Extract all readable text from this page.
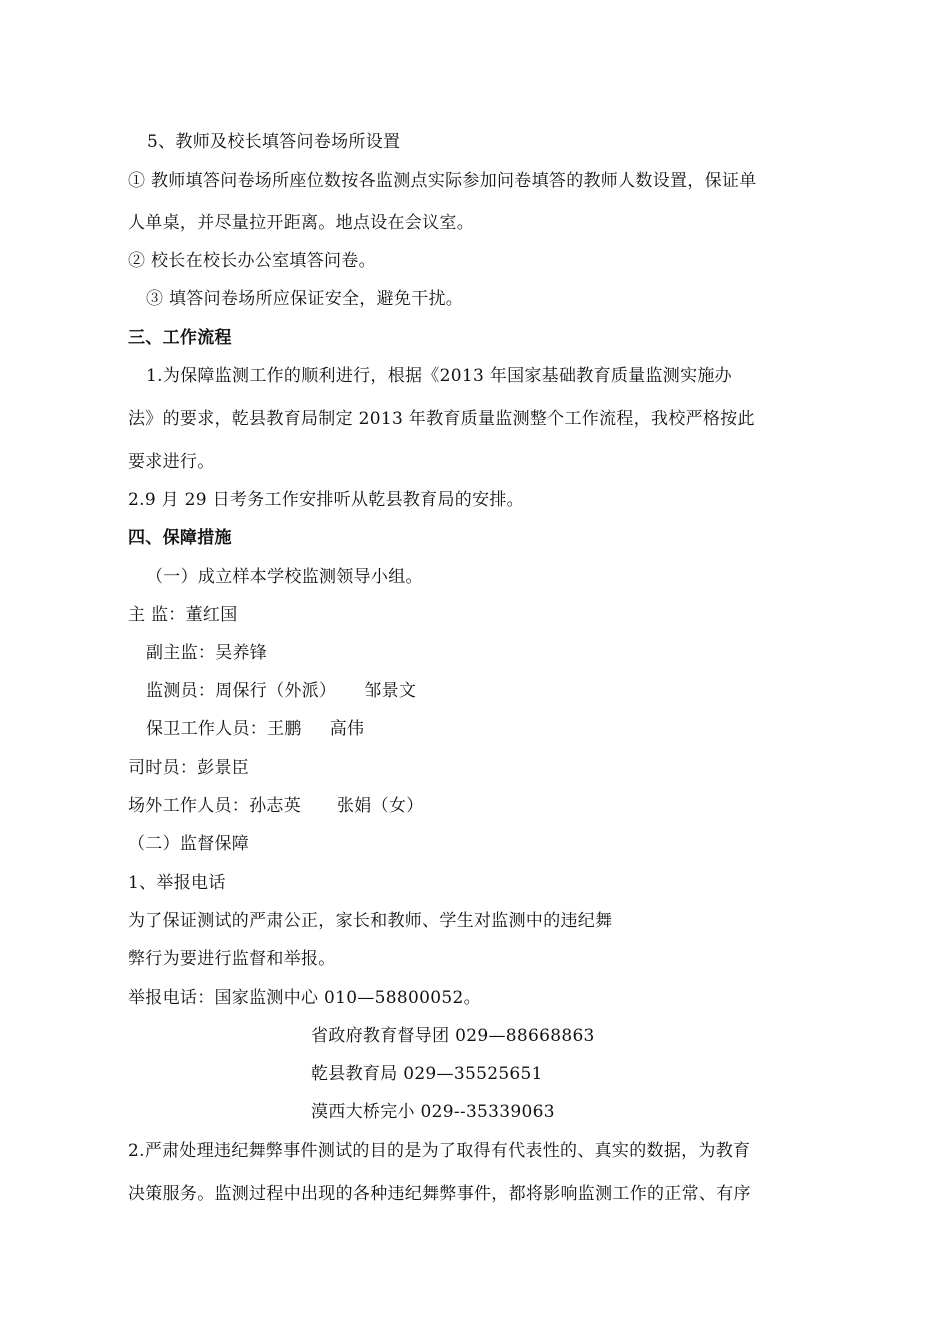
5、教师及校长填答问卷场所设置
① 教师填答问卷场所座位数按各监测点实际参加问卷填答的教师人数设置，保证单
人单桌，并尽量拉开距离。地点设在会议室。
② 校长在校长办公室填答问卷。
③ 填答问卷场所应保证安全，避免干扰。
三、工作流程
1.为保障监测工作的顺利进行，根据《2013 年国家基础教育质量监测实施办
法》的要求，乾县教育局制定 2013 年教育质量监测整个工作流程，我校严格按此
要求进行。
2.9 月 29 日考务工作安排听从乾县教育局的安排。
四、保障措施
（一）成立样本学校监测领导小组。
主 监：董红国
副主监：吴养锋
监测员：周保行（外派） 邹景文
保卫工作人员：王鹏 高伟
司时员：彭景臣
场外工作人员：孙志英 张娟（女）
（二）监督保障
1、举报电话
为了保证测试的严肃公正，家长和教师、学生对监测中的违纪舞
弊行为要进行监督和举报。
举报电话：国家监测中心 010—58800052。
省政府教育督导团 029—88668863
乾县教育局 029—35525651
漠西大桥完小 029--35339063
2.严肃处理违纪舞弊事件测试的目的是为了取得有代表性的、真实的数据，为教育
决策服务。监测过程中出现的各种违纪舞弊事件，都将影响监测工作的正常、有序
